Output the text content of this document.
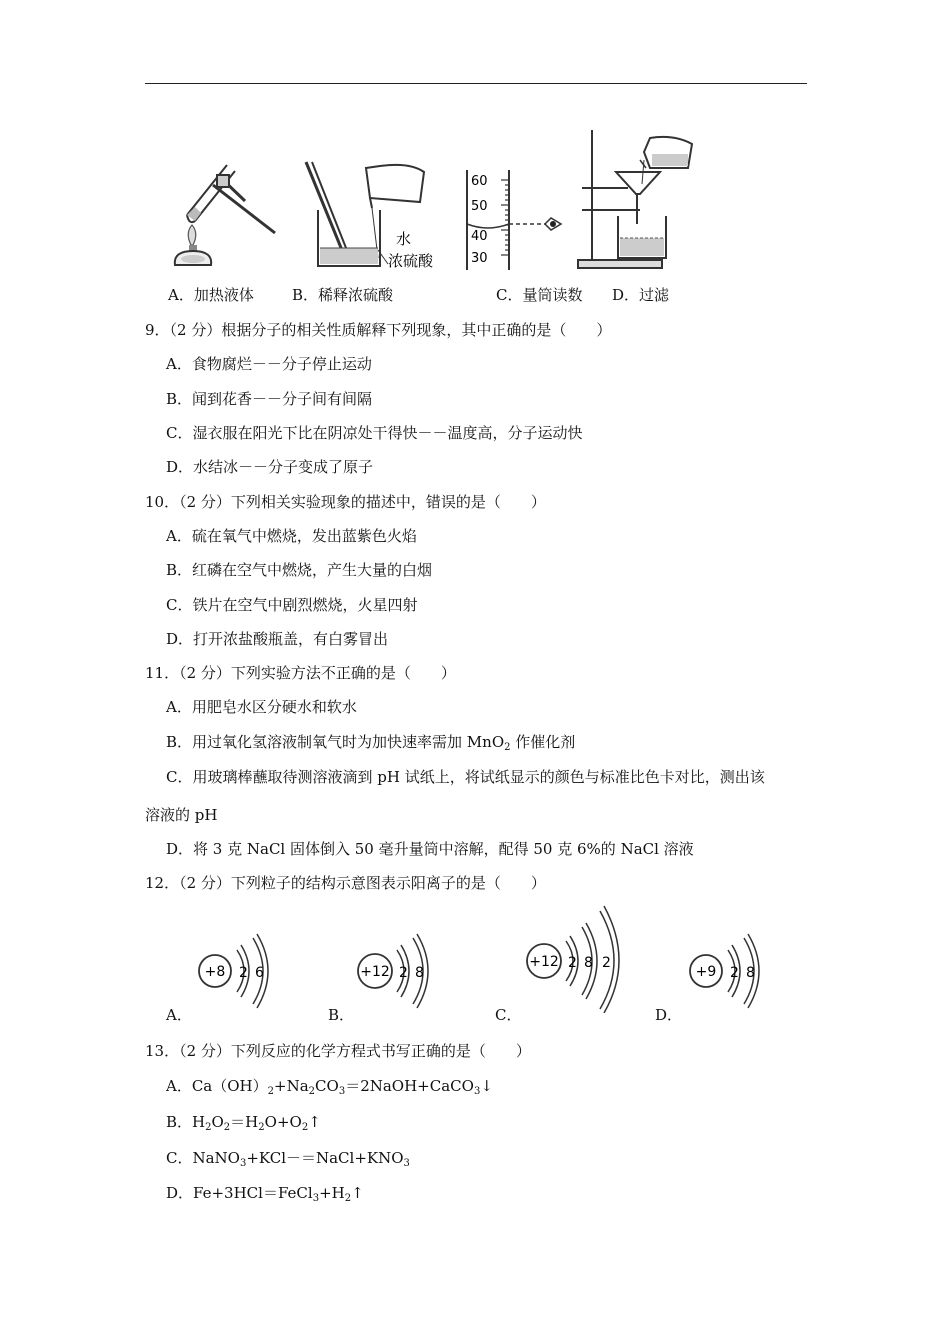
水
浓硫酸
60
50
40
30
A．加热液体	B．稀释浓硫酸	C．量筒读数 D．过滤
9．（2 分）根据分子的相关性质解释下列现象，其中正确的是（　　）
A．食物腐烂－－分子停止运动
B．闻到花香－－分子间有间隔
C．湿衣服在阳光下比在阴凉处干得快－－温度高，分子运动快
D．水结冰－－分子变成了原子
10．（2 分）下列相关实验现象的描述中，错误的是（　　）
A．硫在氧气中燃烧，发出蓝紫色火焰
B．红磷在空气中燃烧，产生大量的白烟
C．铁片在空气中剧烈燃烧，火星四射
D．打开浓盐酸瓶盖，有白雾冒出
11．（2 分）下列实验方法不正确的是（　　）
A．用肥皂水区分硬水和软水
B．用过氧化氢溶液制氧气时为加快速率需加 MnO$_2$ 作催化剂
C．用玻璃棒蘸取待测溶液滴到 pH 试纸上，将试纸显示的颜色与标准比色卡对比，测出该
溶液的 pH
D．将 3 克 NaCl 固体倒入 50 毫升量筒中溶解，配得 50 克 6%的 NaCl 溶液
12．（2 分）下列粒子的结构示意图表示阳离子的是（　　）
+8 2 6	+12 2 8
+12 2 8 2
+9 2 8
A．	B．	C．	D．
13．（2 分）下列反应的化学方程式书写正确的是（　　）
A．$Ca(OH)_2+Na_2CO_3=2NaOH+CaCO_3↓$
B．$H_2O_2=H_2O+O_2↑$
C．$NaNO_3+KCl-=NaCl+KNO_3$
D．$Fe+3HCl=FeCl_3+H_2↑$
